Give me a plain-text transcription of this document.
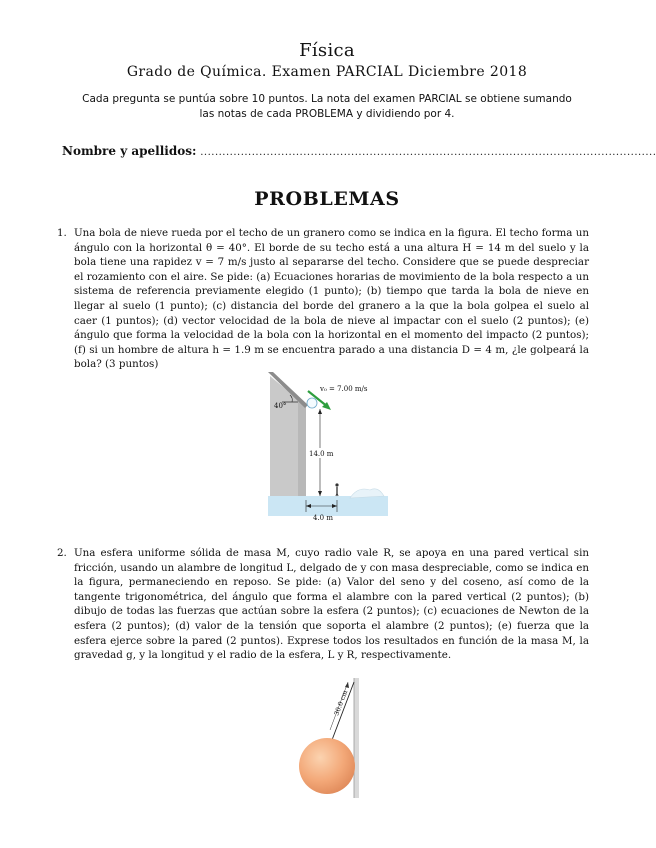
Física
Grado de Química. Examen PARCIAL Diciembre 2018
Cada pregunta se puntúa sobre 10 puntos. La nota del examen PARCIAL se obtiene sumando
las notas de cada PROBLEMA y dividiendo por 4.
Nombre y apellidos: ............................................................................................................................
PROBLEMAS
1. Una bola de nieve rueda por el techo de un granero como se indica en la figura. El techo forma un ángulo con la horizontal θ = 40°. El borde de su techo está a una altura H = 14 m del suelo y la bola tiene una rapidez v = 7 m/s justo al separarse del techo. Considere que se puede despreciar el rozamiento con el aire. Se pide: (a) Ecuaciones horarias de movimiento de la bola respecto a un sistema de referencia previamente elegido (1 punto); (b) tiempo que tarda la bola de nieve en llegar al suelo (1 punto); (c) distancia del borde del granero a la que la bola golpea el suelo al caer (1 puntos); (d) vector velocidad de la bola de nieve al impactar con el suelo (2 puntos); (e) ángulo que forma la velocidad de la bola con la horizontal en el momento del impacto (2 puntos); (f) si un hombre de altura h = 1.9 m se encuentra parado a una distancia D = 4 m, ¿le golpeará la bola? (3 puntos)
40°
v₀ = 7.00 m/s
14.0 m
4.0 m
2. Una esfera uniforme sólida de masa M, cuyo radio vale R, se apoya en una pared vertical sin fricción, usando un alambre de longitud L, delgado de y con masa despreciable, como se indica en la figura, permaneciendo en reposo. Se pide: (a) Valor del seno y del coseno, así como de la tangente trigonométrica, del ángulo que forma el alambre con la pared vertical (2 puntos); (b) dibujo de todas las fuerzas que actúan sobre la esfera (2 puntos); (c) ecuaciones de Newton de la esfera (2 puntos); (d) valor de la tensión que soporta el alambre (2 puntos); (e) fuerza que la esfera ejerce sobre la pared (2 puntos). Exprese todos los resultados en función de la masa M, la gravedad g, y la longitud y el radio de la esfera, L y R, respectivamente.
30.0 cm
